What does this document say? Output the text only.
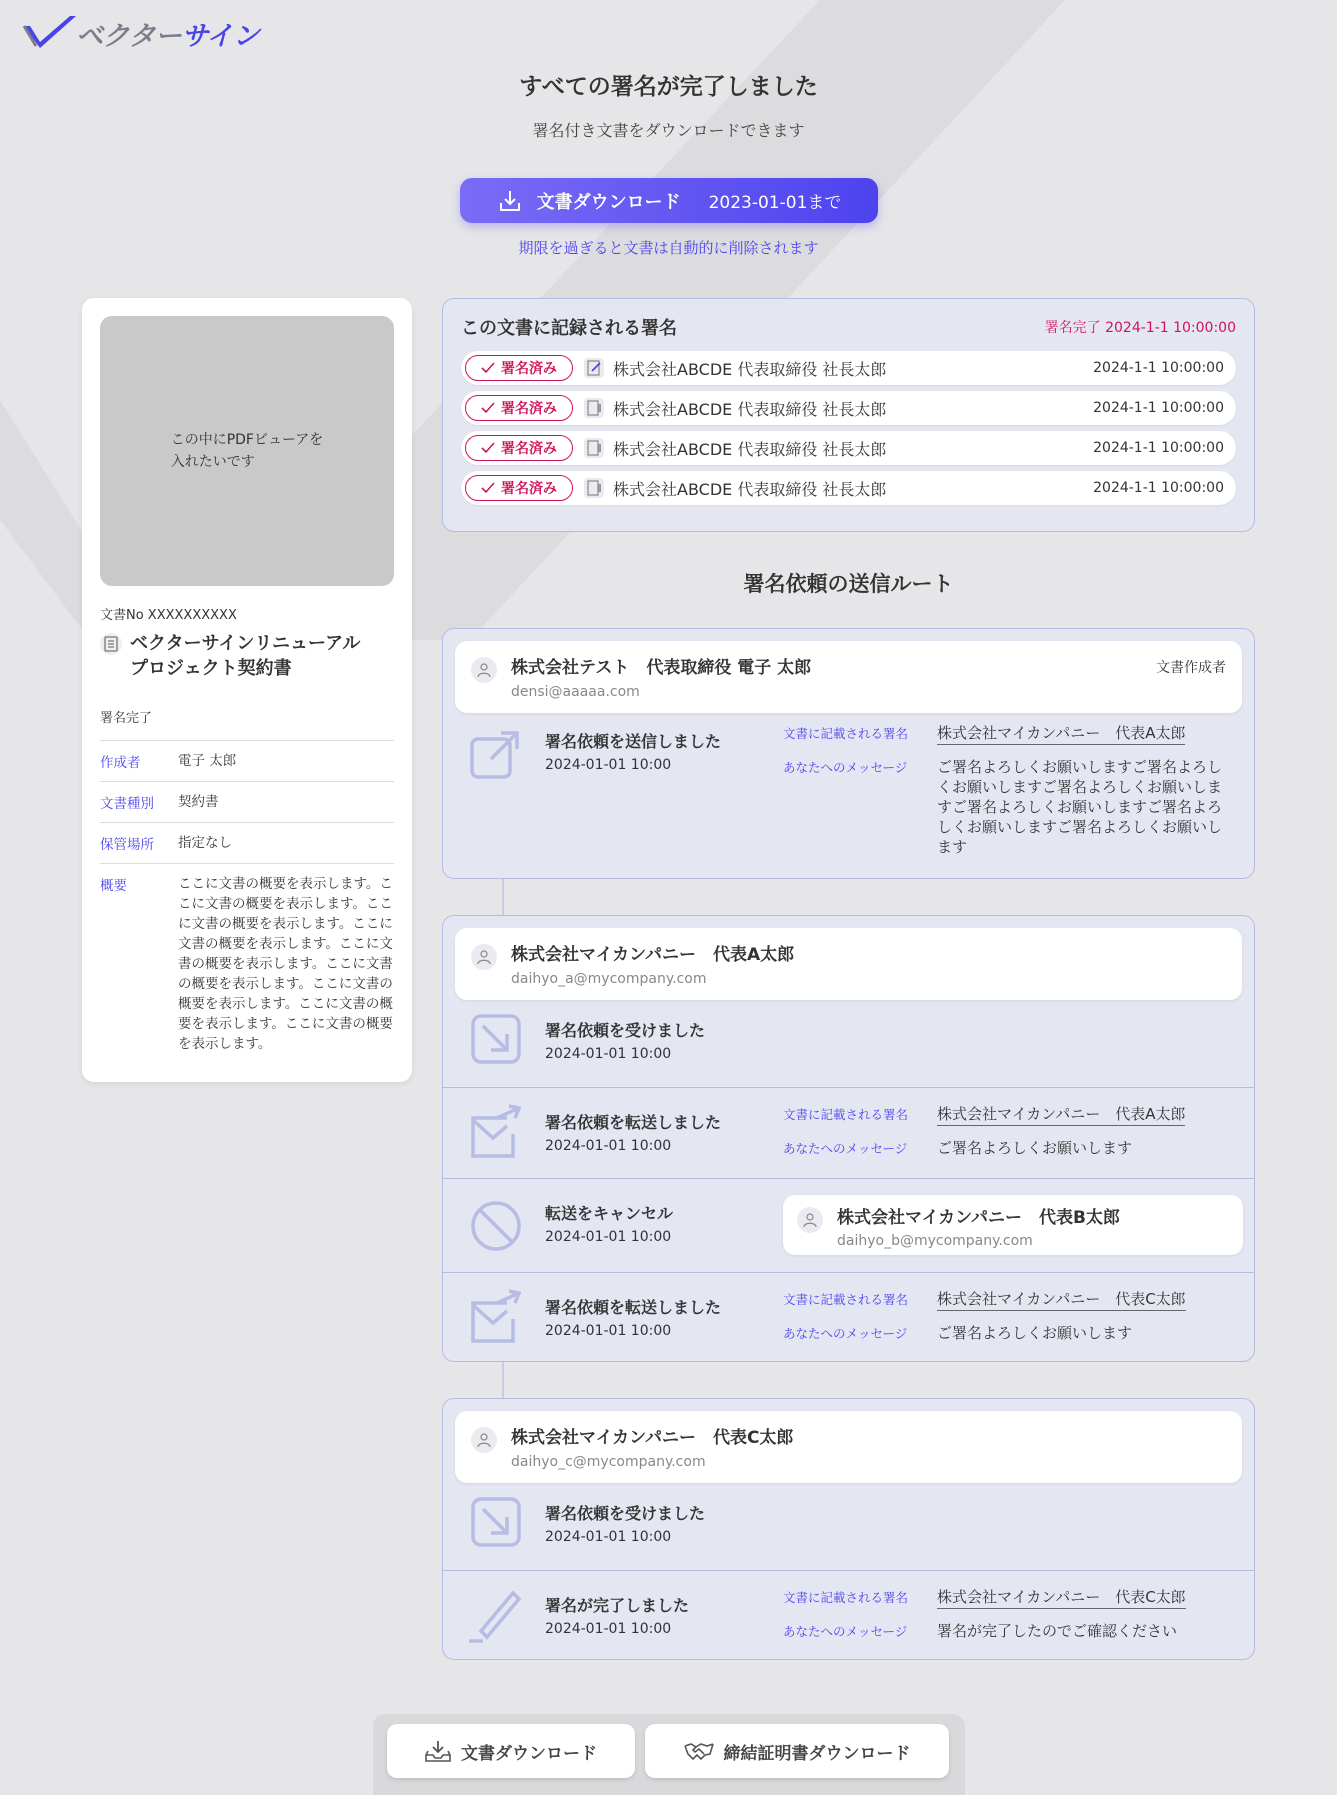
ベクターサイン
すべての署名が完了しました
署名付き文書をダウンロードできます
文書ダウンロード 2023-01-01まで
期限を過ぎると文書は自動的に削除されます
この中にPDFビューアを
入れたいです
文書No XXXXXXXXXX
ベクターサインリニューアル
プロジェクト契約書
署名完了
作成者	電子 太郎
文書種別	契約書
保管場所	指定なし
概要	ここに文書の概要を表示します。ここに文書の概要を表示します。ここに文書の概要を表示します。ここに文書の概要を表示します。ここに文書の概要を表示します。ここに文書の概要を表示します。ここに文書の概要を表示します。ここに文書の概要を表示します。ここに文書の概要を表示します。
この文書に記録される署名	署名完了 2024-1-1 10:00:00
署名済み	株式会社ABCDE 代表取締役 社長太郎	2024-1-1 10:00:00
署名済み	株式会社ABCDE 代表取締役 社長太郎	2024-1-1 10:00:00
署名済み	株式会社ABCDE 代表取締役 社長太郎	2024-1-1 10:00:00
署名済み	株式会社ABCDE 代表取締役 社長太郎	2024-1-1 10:00:00
署名依頼の送信ルート
株式会社テスト　代表取締役 電子 太郎
densi@aaaaa.com
文書作成者
署名依頼を送信しました
2024-01-01 10:00
文書に記載される署名	株式会社マイカンパニー　代表A太郎
あなたへのメッセージ	ご署名よろしくお願いしますご署名よろしくお願いしますご署名よろしくお願いしますご署名よろしくお願いしますご署名よろしくお願いしますご署名よろしくお願いします
株式会社マイカンパニー　代表A太郎
daihyo_a@mycompany.com
署名依頼を受けました
2024-01-01 10:00
署名依頼を転送しました
2024-01-01 10:00
文書に記載される署名	株式会社マイカンパニー　代表A太郎
あなたへのメッセージ	ご署名よろしくお願いします
転送をキャンセル
2024-01-01 10:00
株式会社マイカンパニー　代表B太郎
daihyo_b@mycompany.com
署名依頼を転送しました
2024-01-01 10:00
文書に記載される署名	株式会社マイカンパニー　代表C太郎
あなたへのメッセージ	ご署名よろしくお願いします
株式会社マイカンパニー　代表C太郎
daihyo_c@mycompany.com
署名依頼を受けました
2024-01-01 10:00
署名が完了しました
2024-01-01 10:00
文書に記載される署名	株式会社マイカンパニー　代表C太郎
あなたへのメッセージ	署名が完了したのでご確認ください
文書ダウンロード	締結証明書ダウンロード
